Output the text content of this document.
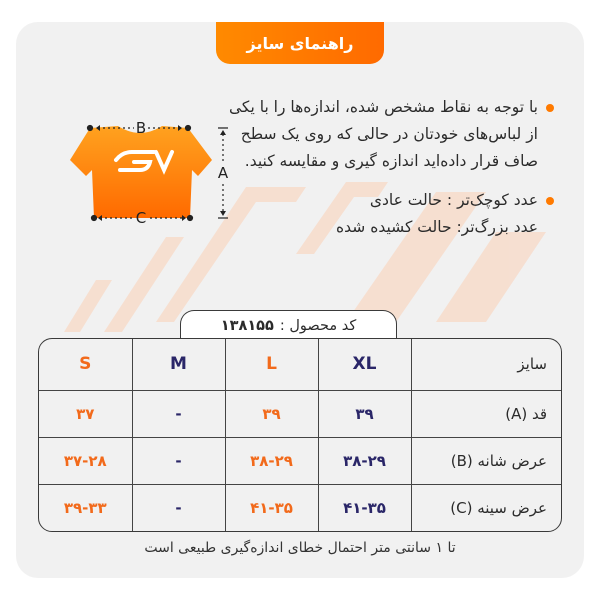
راهنمای سایز
B
C
A
با توجه به نقاط مشخص شده، اندازه‌ها را با یکی از لباس‌های خودتان در حالی که روی یک سطح صاف قرار داده‌اید اندازه گیری و مقایسه کنید.
عدد کوچک‌تر : حالت عادی
عدد بزرگ‌تر: حالت کشیده شده
کد محصول :
۱۳۸۱۵۵
سایز	XL	L	M	S
قد (A)	۳۹	۳۹	-	۳۷
عرض شانه (B)	۳۸-۲۹	۳۸-۲۹	-	۳۷-۲۸
عرض سینه (C)	۴۱-۳۵	۴۱-۳۵	-	۳۹-۳۳
تا ۱ سانتی متر احتمال خطای اندازه‌گیری طبیعی است
